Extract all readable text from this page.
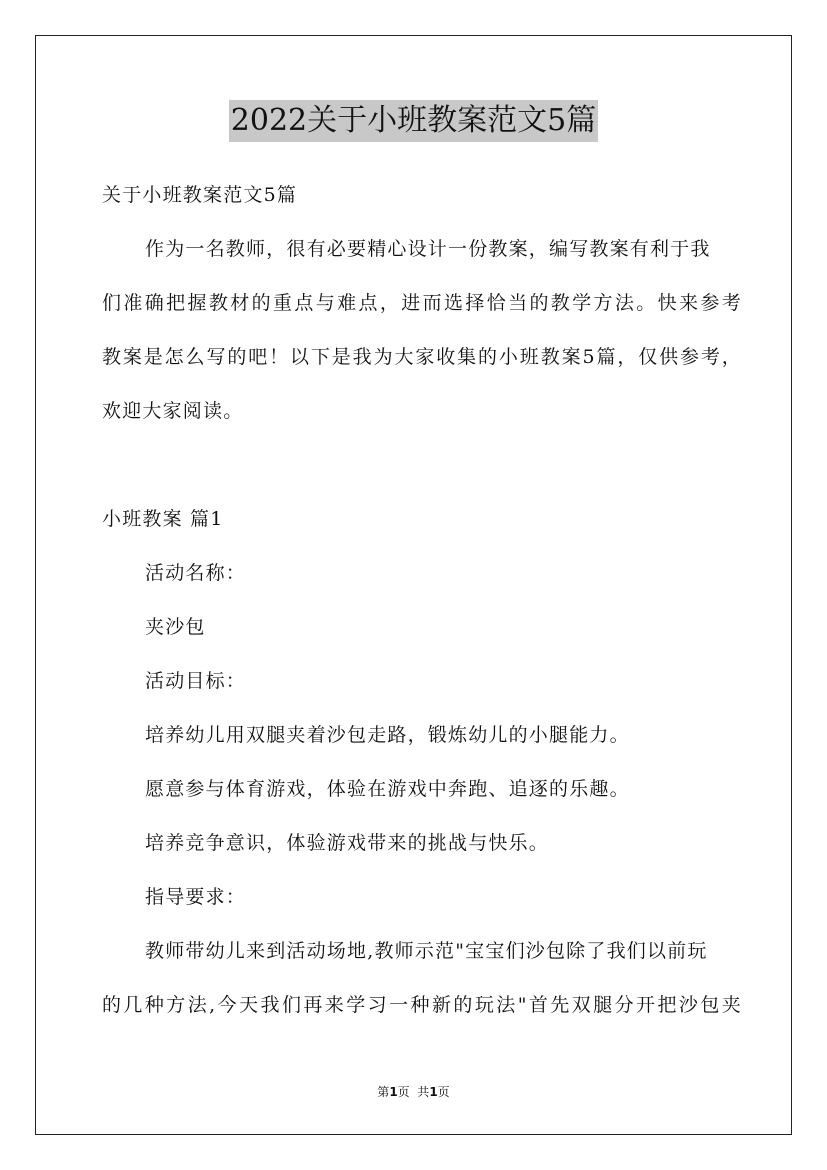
2022关于小班教案范文5篇
关于小班教案范文5篇
作为一名教师，很有必要精心设计一份教案，编写教案有利于我
们准确把握教材的重点与难点，进而选择恰当的教学方法。快来参考
教案是怎么写的吧！以下是我为大家收集的小班教案5篇，仅供参考，
欢迎大家阅读。
小班教案 篇1
活动名称：
夹沙包
活动目标：
培养幼儿用双腿夹着沙包走路，锻炼幼儿的小腿能力。
愿意参与体育游戏，体验在游戏中奔跑、追逐的乐趣。
培养竞争意识，体验游戏带来的挑战与快乐。
指导要求：
教师带幼儿来到活动场地,教师示范"宝宝们沙包除了我们以前玩
的几种方法,今天我们再来学习一种新的玩法"首先双腿分开把沙包夹
第1页  共1页
